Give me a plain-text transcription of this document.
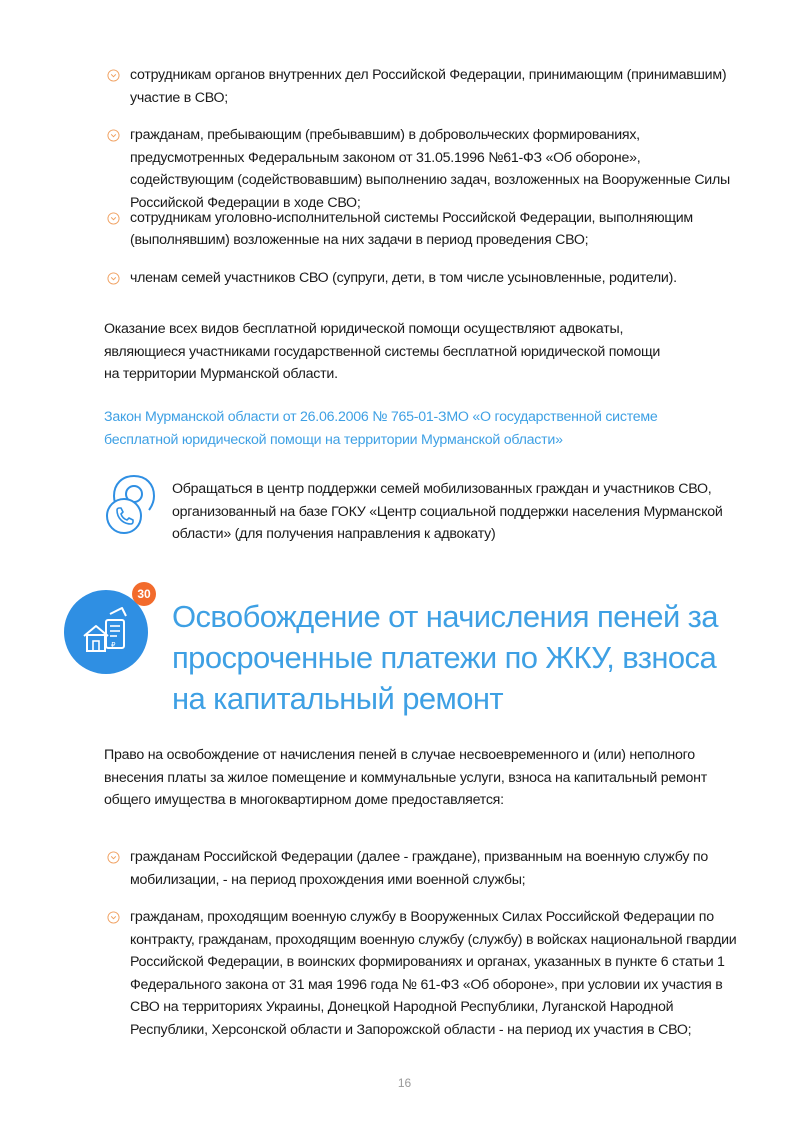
сотрудникам органов внутренних дел Российской Федерации, принимающим (принимавшим) участие в СВО;
гражданам, пребывающим (пребывавшим) в добровольческих формированиях, предусмотренных Федеральным законом от 31.05.1996 №61-ФЗ «Об обороне», содействующим (содействовавшим) выполнению задач, возложенных на Вооруженные Силы Российской Федерации в ходе СВО;
сотрудникам уголовно-исполнительной системы Российской Федерации, выполняющим (выполнявшим) возложенные на них задачи в период проведения СВО;
членам семей участников СВО (супруги, дети, в том числе усыновленные, родители).

Оказание всех видов бесплатной юридической помощи осуществляют адвокаты, являющиеся участниками государственной системы бесплатной юридической помощи на территории Мурманской области.

Закон Мурманской области от 26.06.2006 № 765-01-ЗМО «О государственной системе бесплатной юридической помощи на территории Мурманской области»

Обращаться в центр поддержки семей мобилизованных граждан и участников СВО, организованный на базе ГОКУ «Центр социальной поддержки населения Мурманской области» (для получения направления к адвокату)
₽
30
Освобождение от начисления пеней за просроченные платежи по ЖКУ, взноса на капитальный ремонт

Право на освобождение от начисления пеней в случае несвоевременного и (или) неполного внесения платы за жилое помещение и коммунальные услуги, взноса на капитальный ремонт общего имущества в многоквартирном доме предоставляется:

гражданам Российской Федерации (далее - граждане), призванным на военную службу по мобилизации, - на период прохождения ими военной службы;
гражданам, проходящим военную службу в Вооруженных Силах Российской Федерации по контракту, гражданам, проходящим военную службу (службу) в войсках национальной гвардии Российской Федерации, в воинских формированиях и органах, указанных в пункте 6 статьи 1 Федерального закона от 31 мая 1996 года № 61-ФЗ «Об обороне», при условии их участия в СВО на территориях Украины, Донецкой Народной Республики, Луганской Народной Республики, Херсонской области и Запорожской области - на период их участия в СВО;
16
